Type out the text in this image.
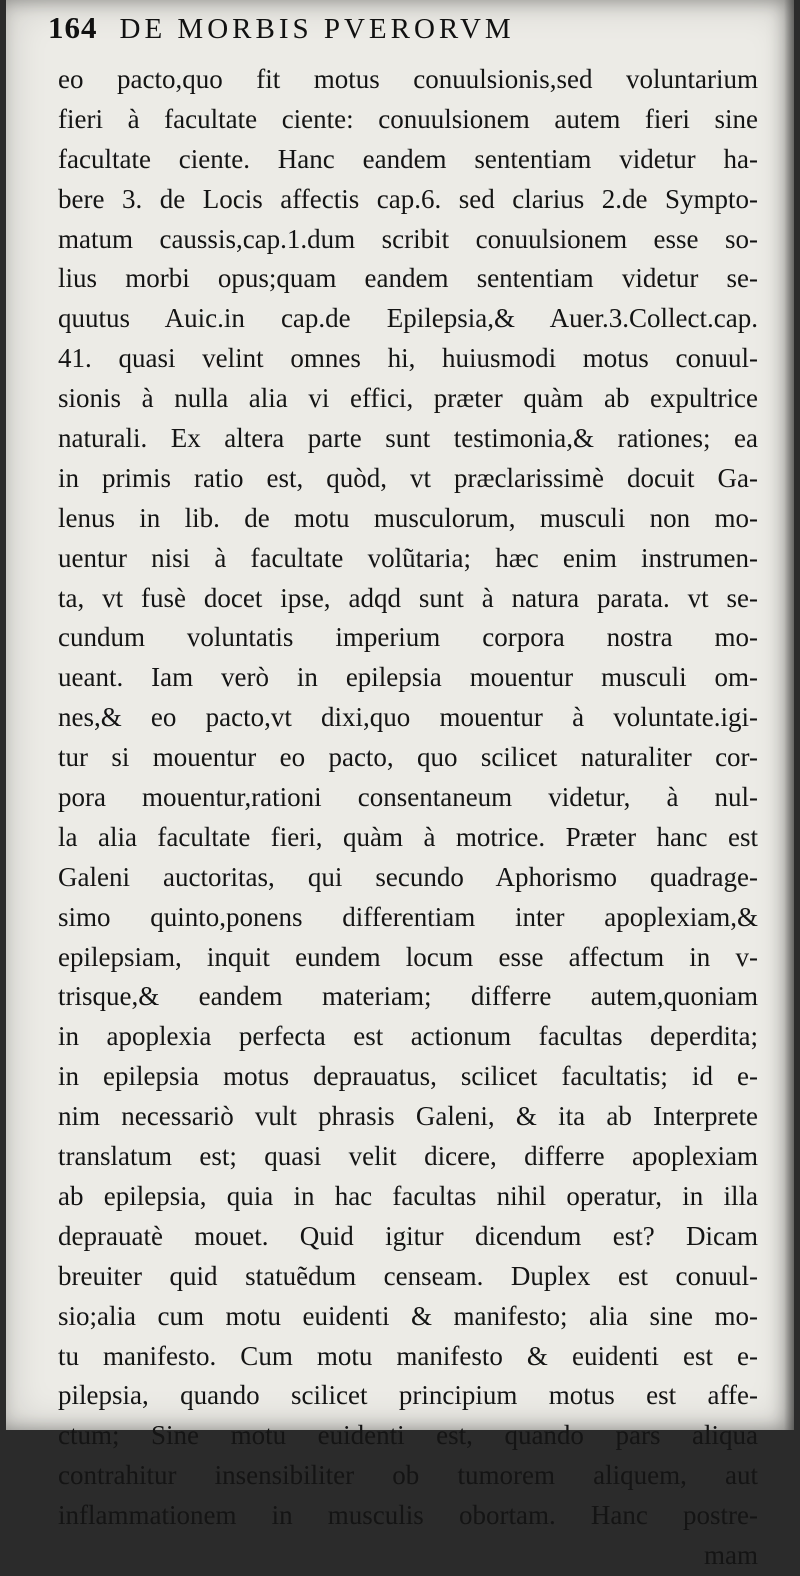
164 DE MORBIS PVERORVM
eo pacto,quo fit motus conuulsionis,sed voluntarium
fieri à facultate ciente: conuulsionem autem fieri sine
facultate ciente. Hanc eandem sententiam videtur ha-
bere 3. de Locis affectis cap.6. sed clarius 2.de Sympto-
matum caussis,cap.1.dum scribit conuulsionem esse so-
lius morbi opus;quam eandem sententiam videtur se-
quutus Auic.in cap.de Epilepsia,& Auer.3.Collect.cap.
41. quasi velint omnes hi, huiusmodi motus conuul-
sionis à nulla alia vi effici, præter quàm ab expultrice
naturali. Ex altera parte sunt testimonia,& rationes; ea
in primis ratio est, quòd, vt præclarissimè docuit Ga-
lenus in lib. de motu musculorum, musculi non mo-
uentur nisi à facultate volũtaria; hæc enim instrumen-
ta, vt fusè docet ipse, adqd sunt à natura parata. vt se-
cundum voluntatis imperium corpora nostra mo-
ueant. Iam verò in epilepsia mouentur musculi om-
nes,& eo pacto,vt dixi,quo mouentur à voluntate.igi-
tur si mouentur eo pacto, quo scilicet naturaliter cor-
pora mouentur,rationi consentaneum videtur, à nul-
la alia facultate fieri, quàm à motrice. Præter hanc est
Galeni auctoritas, qui secundo Aphorismo quadrage-
simo quinto,ponens differentiam inter apoplexiam,&
epilepsiam, inquit eundem locum esse affectum in v-
trisque,& eandem materiam; differre autem,quoniam
in apoplexia perfecta est actionum facultas deperdita;
in epilepsia motus deprauatus, scilicet facultatis; id e-
nim necessariò vult phrasis Galeni, & ita ab Interprete
translatum est; quasi velit dicere, differre apoplexiam
ab epilepsia, quia in hac facultas nihil operatur, in illa
deprauatè mouet. Quid igitur dicendum est? Dicam
breuiter quid statuẽdum censeam. Duplex est conuul-
sio;alia cum motu euidenti & manifesto; alia sine mo-
tu manifesto. Cum motu manifesto & euidenti est e-
pilepsia, quando scilicet principium motus est affe-
ctum; Sine motu euidenti est, quando pars aliqua
contrahitur insensibiliter ob tumorem aliquem, aut
inflammationem in musculis obortam. Hanc postre-
mam
